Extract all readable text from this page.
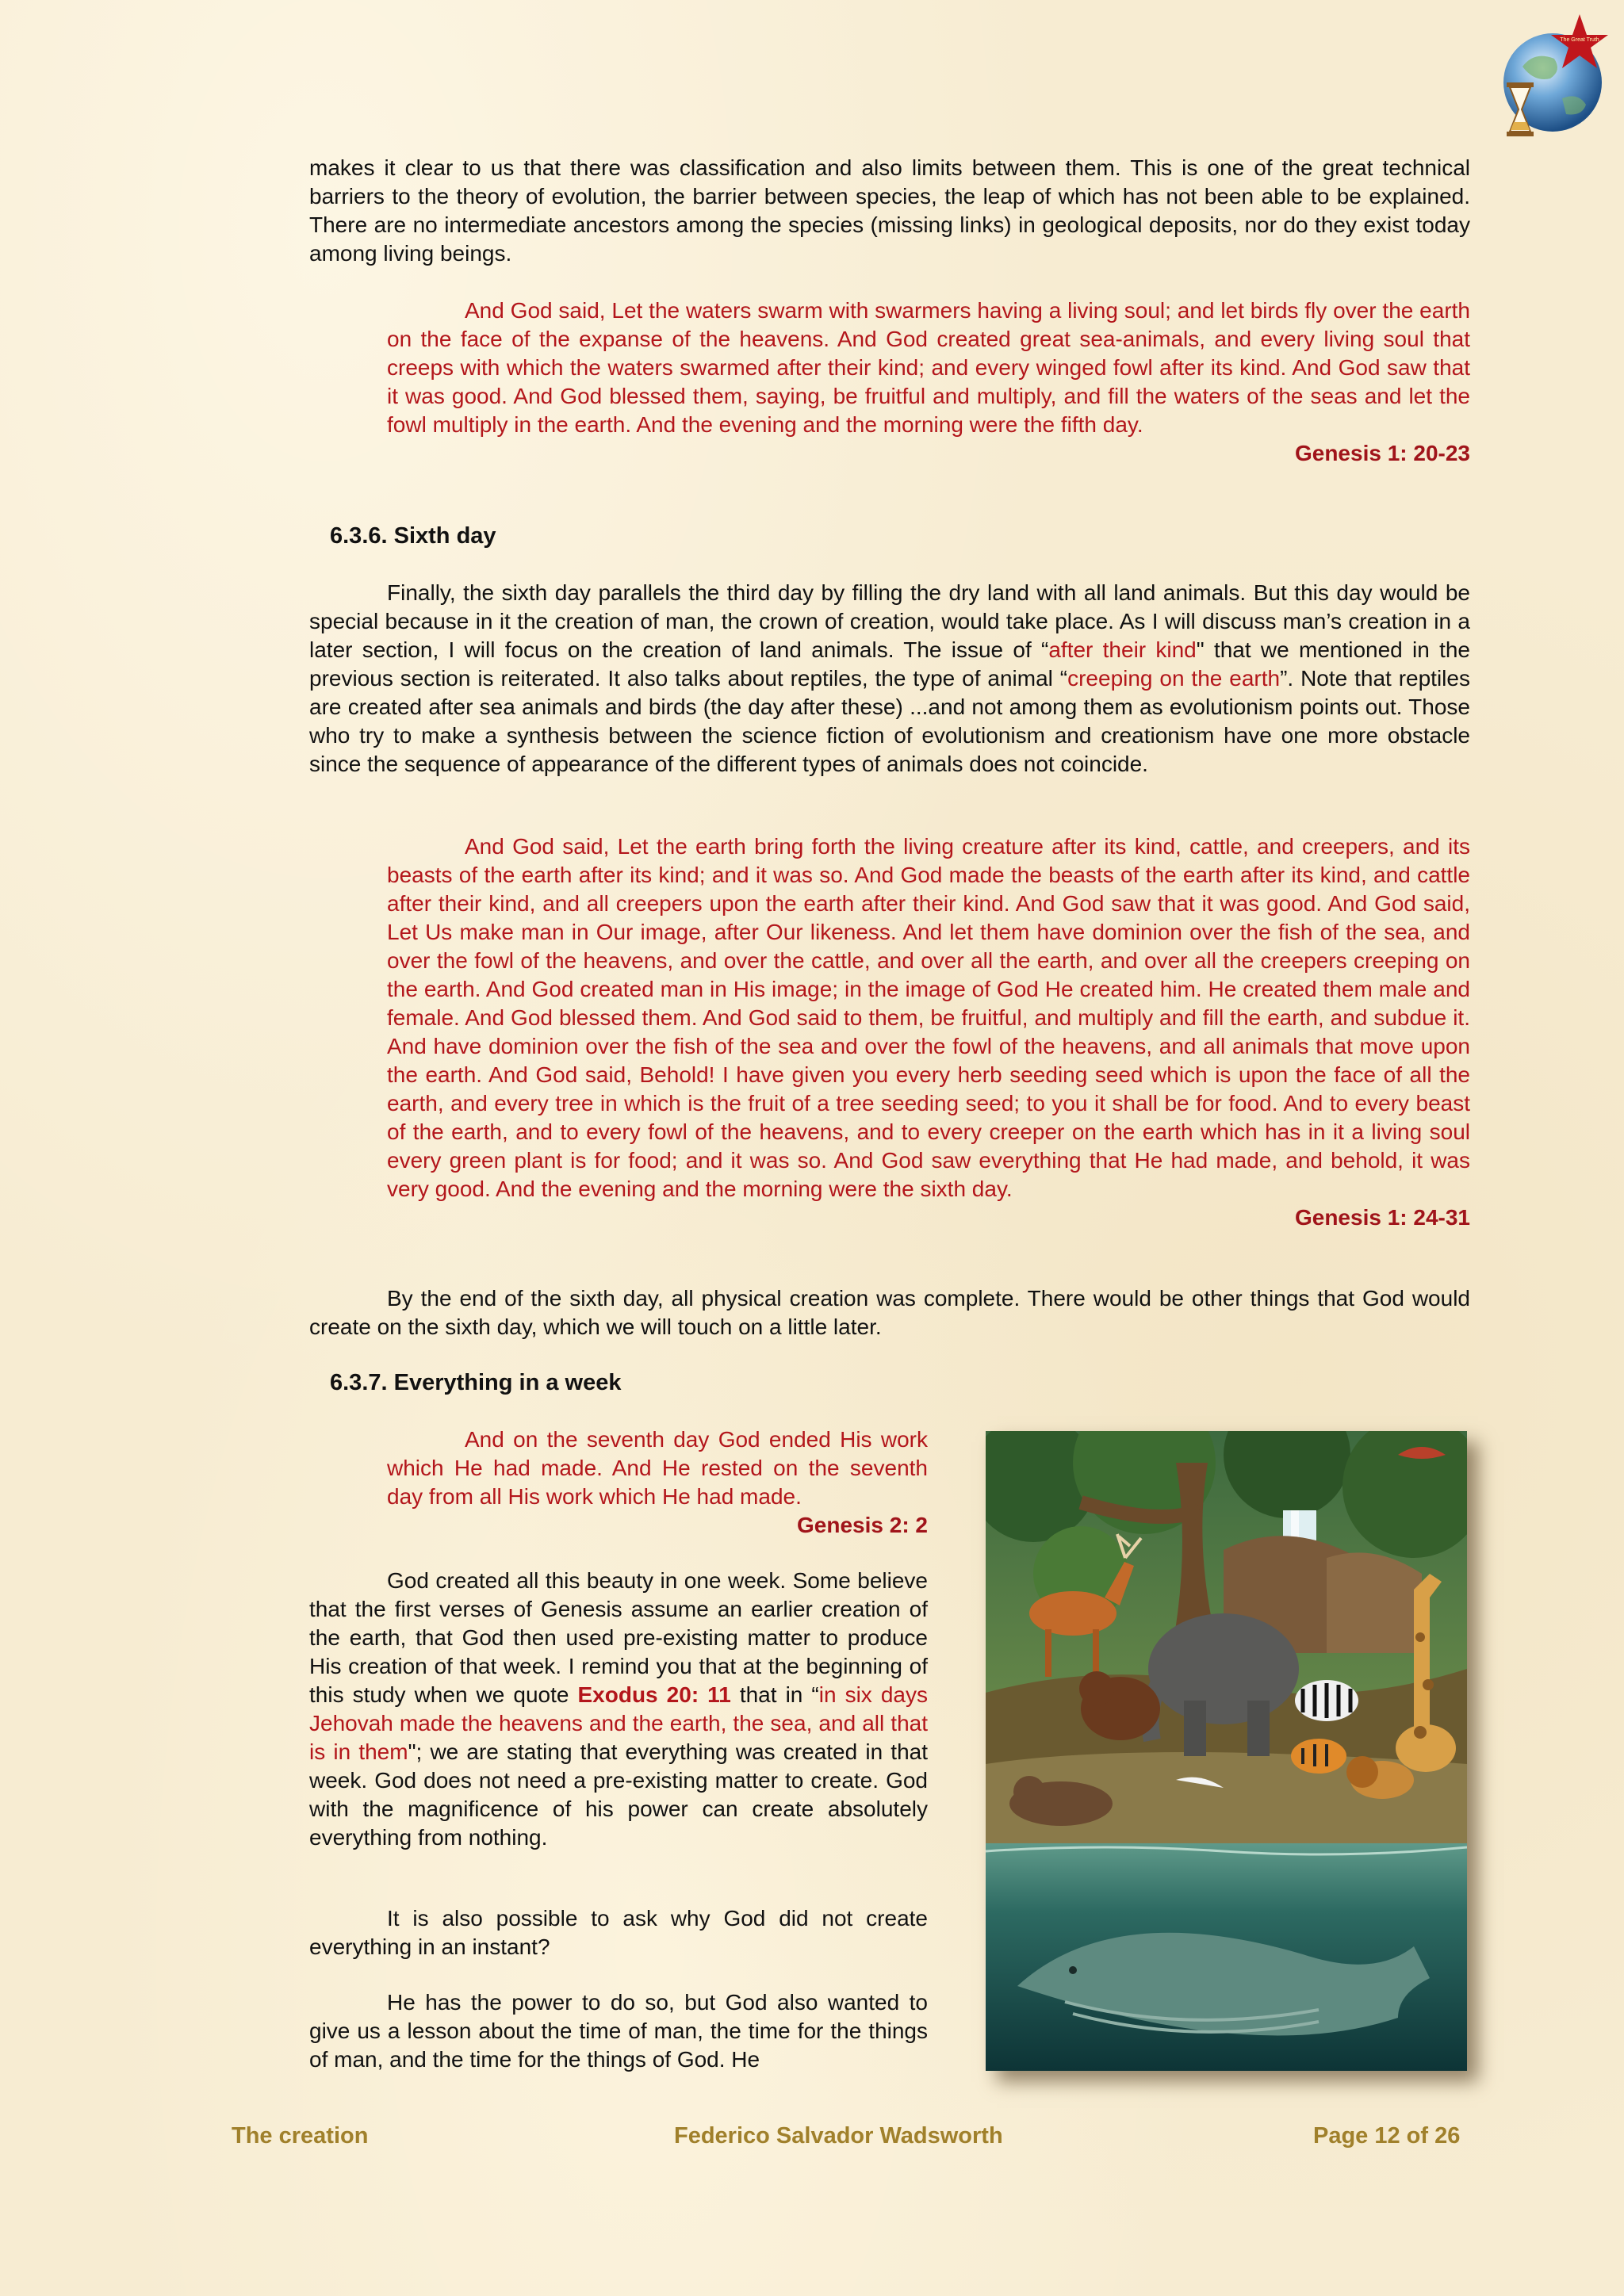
The Great Truth

makes it clear to us that there was classification and also limits between them. This is one of the great technical barriers to the theory of evolution, the barrier between species, the leap of which has not been able to be explained. There are no intermediate ancestors among the species (missing links) in geological deposits, nor do they exist today among living beings.

And God said, Let the waters swarm with swarmers having a living soul; and let birds fly over the earth on the face of the expanse of the heavens. And God created great sea-animals, and every living soul that creeps with which the waters swarmed after their kind; and every winged fowl after its kind. And God saw that it was good. And God blessed them, saying, be fruitful and multiply, and fill the waters of the seas and let the fowl multiply in the earth. And the evening and the morning were the fifth day.

Genesis 1: 20-23

6.3.6. Sixth day

Finally, the sixth day parallels the third day by filling the dry land with all land animals. But this day would be special because in it the creation of man, the crown of creation, would take place. As I will discuss man’s creation in a later section, I will focus on the creation of land animals. The issue of “after their kind" that we mentioned in the previous section is reiterated. It also talks about reptiles, the type of animal “creeping on the earth”. Note that reptiles are created after sea animals and birds (the day after these) ...and not among them as evolutionism points out. Those who try to make a synthesis between the science fiction of evolutionism and creationism have one more obstacle since the sequence of appearance of the different types of animals does not coincide.

And God said, Let the earth bring forth the living creature after its kind, cattle, and creepers, and its beasts of the earth after its kind; and it was so. And God made the beasts of the earth after its kind, and cattle after their kind, and all creepers upon the earth after their kind. And God saw that it was good. And God said, Let Us make man in Our image, after Our likeness. And let them have dominion over the fish of the sea, and over the fowl of the heavens, and over the cattle, and over all the earth, and over all the creepers creeping on the earth. And God created man in His image; in the image of God He created him. He created them male and female. And God blessed them. And God said to them, be fruitful, and multiply and fill the earth, and subdue it. And have dominion over the fish of the sea and over the fowl of the heavens, and all animals that move upon the earth. And God said, Behold! I have given you every herb seeding seed which is upon the face of all the earth, and every tree in which is the fruit of a tree seeding seed; to you it shall be for food. And to every beast of the earth, and to every fowl of the heavens, and to every creeper on the earth which has in it a living soul every green plant is for food; and it was so. And God saw everything that He had made, and behold, it was very good. And the evening and the morning were the sixth day.

Genesis 1: 24-31

By the end of the sixth day, all physical creation was complete. There would be other things that God would create on the sixth day, which we will touch on a little later.

6.3.7. Everything in a week

And on the seventh day God ended His work which He had made. And He rested on the seventh day from all His work which He had made.

Genesis 2: 2

God created all this beauty in one week. Some believe that the first verses of Genesis assume an earlier creation of the earth, that God then used pre-existing matter to produce His creation of that week. I remind you that at the beginning of this study when we quote Exodus 20: 11 that in “in six days Jehovah made the heavens and the earth, the sea, and all that is in them"; we are stating that everything was created in that week. God does not need a pre-existing matter to create. God with the magnificence of his power can create absolutely everything from nothing.

It is also possible to ask why God did not create everything in an instant?

He has the power to do so, but God also wanted to give us a lesson about the time of man, the time for the things of man, and the time for the things of God. He

The creation	Federico Salvador Wadsworth	Page 12 of 26
